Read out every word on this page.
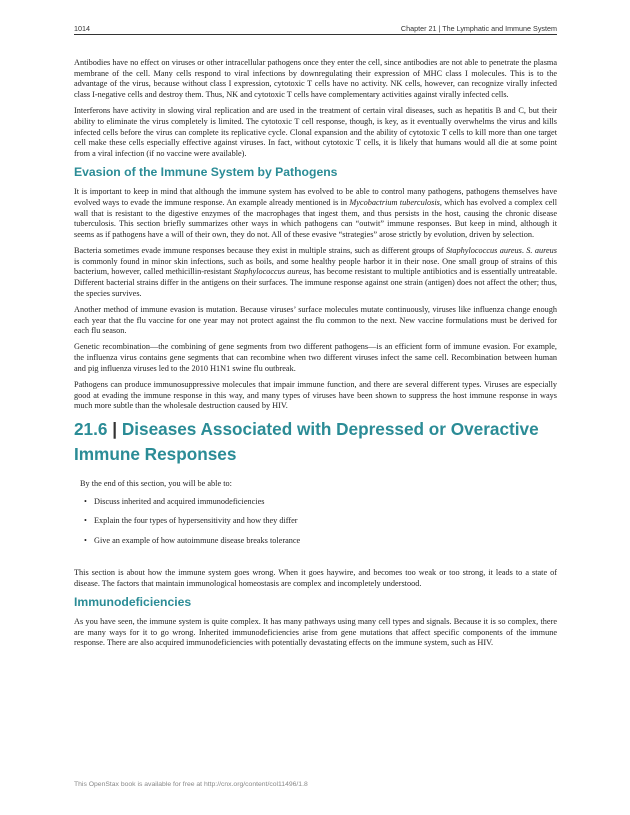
1014	Chapter 21 | The Lymphatic and Immune System

Antibodies have no effect on viruses or other intracellular pathogens once they enter the cell, since antibodies are not able to penetrate the plasma membrane of the cell. Many cells respond to viral infections by downregulating their expression of MHC class I molecules. This is to the advantage of the virus, because without class I expression, cytotoxic T cells have no activity. NK cells, however, can recognize virally infected class I-negative cells and destroy them. Thus, NK and cytotoxic T cells have complementary activities against virally infected cells.

Interferons have activity in slowing viral replication and are used in the treatment of certain viral diseases, such as hepatitis B and C, but their ability to eliminate the virus completely is limited. The cytotoxic T cell response, though, is key, as it eventually overwhelms the virus and kills infected cells before the virus can complete its replicative cycle. Clonal expansion and the ability of cytotoxic T cells to kill more than one target cell make these cells especially effective against viruses. In fact, without cytotoxic T cells, it is likely that humans would all die at some point from a viral infection (if no vaccine were available).

Evasion of the Immune System by Pathogens

It is important to keep in mind that although the immune system has evolved to be able to control many pathogens, pathogens themselves have evolved ways to evade the immune response. An example already mentioned is in Mycobactrium tuberculosis, which has evolved a complex cell wall that is resistant to the digestive enzymes of the macrophages that ingest them, and thus persists in the host, causing the chronic disease tuberculosis. This section briefly summarizes other ways in which pathogens can “outwit” immune responses. But keep in mind, although it seems as if pathogens have a will of their own, they do not. All of these evasive “strategies” arose strictly by evolution, driven by selection.

Bacteria sometimes evade immune responses because they exist in multiple strains, such as different groups of Staphylococcus aureus. S. aureus is commonly found in minor skin infections, such as boils, and some healthy people harbor it in their nose. One small group of strains of this bacterium, however, called methicillin-resistant Staphylococcus aureus, has become resistant to multiple antibiotics and is essentially untreatable. Different bacterial strains differ in the antigens on their surfaces. The immune response against one strain (antigen) does not affect the other; thus, the species survives.

Another method of immune evasion is mutation. Because viruses’ surface molecules mutate continuously, viruses like influenza change enough each year that the flu vaccine for one year may not protect against the flu common to the next. New vaccine formulations must be derived for each flu season.

Genetic recombination—the combining of gene segments from two different pathogens—is an efficient form of immune evasion. For example, the influenza virus contains gene segments that can recombine when two different viruses infect the same cell. Recombination between human and pig influenza viruses led to the 2010 H1N1 swine flu outbreak.

Pathogens can produce immunosuppressive molecules that impair immune function, and there are several different types. Viruses are especially good at evading the immune response in this way, and many types of viruses have been shown to suppress the host immune response in ways much more subtle than the wholesale destruction caused by HIV.

21.6 | Diseases Associated with Depressed or Overactive
Immune Responses

By the end of this section, you will be able to:

• Discuss inherited and acquired immunodeficiencies
• Explain the four types of hypersensitivity and how they differ
• Give an example of how autoimmune disease breaks tolerance

This section is about how the immune system goes wrong. When it goes haywire, and becomes too weak or too strong, it leads to a state of disease. The factors that maintain immunological homeostasis are complex and incompletely understood.

Immunodeficiencies

As you have seen, the immune system is quite complex. It has many pathways using many cell types and signals. Because it is so complex, there are many ways for it to go wrong. Inherited immunodeficiencies arise from gene mutations that affect specific components of the immune response. There are also acquired immunodeficiencies with potentially devastating effects on the immune system, such as HIV.

This OpenStax book is available for free at http://cnx.org/content/col11496/1.8
